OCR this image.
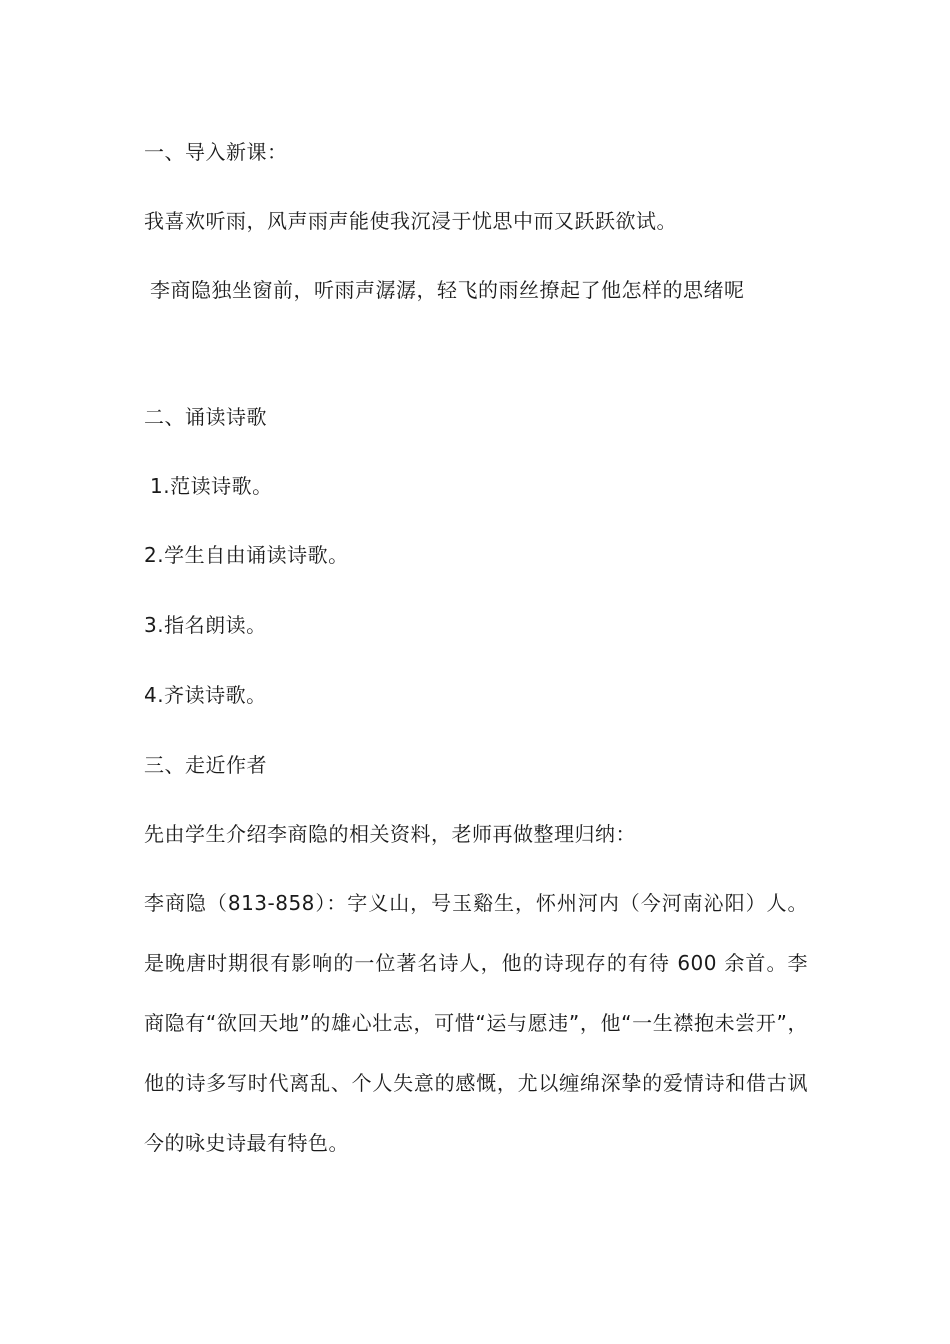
一、导入新课：
我喜欢听雨，风声雨声能使我沉浸于忧思中而又跃跃欲试。
李商隐独坐窗前，听雨声潺潺，轻飞的雨丝撩起了他怎样的思绪呢
二、诵读诗歌
1.范读诗歌。
2.学生自由诵读诗歌。
3.指名朗读。
4.齐读诗歌。
三、走近作者
先由学生介绍李商隐的相关资料，老师再做整理归纳：
李商隐（813-858）：字义山，号玉谿生，怀州河内（今河南沁阳）人。是晚唐时期很有影响的一位著名诗人，他的诗现存的有待 600 余首。李商隐有“欲回天地”的雄心壮志，可惜“运与愿违”，他“一生襟抱未尝开”，他的诗多写时代离乱、个人失意的感慨，尤以缠绵深挚的爱情诗和借古讽今的咏史诗最有特色。
